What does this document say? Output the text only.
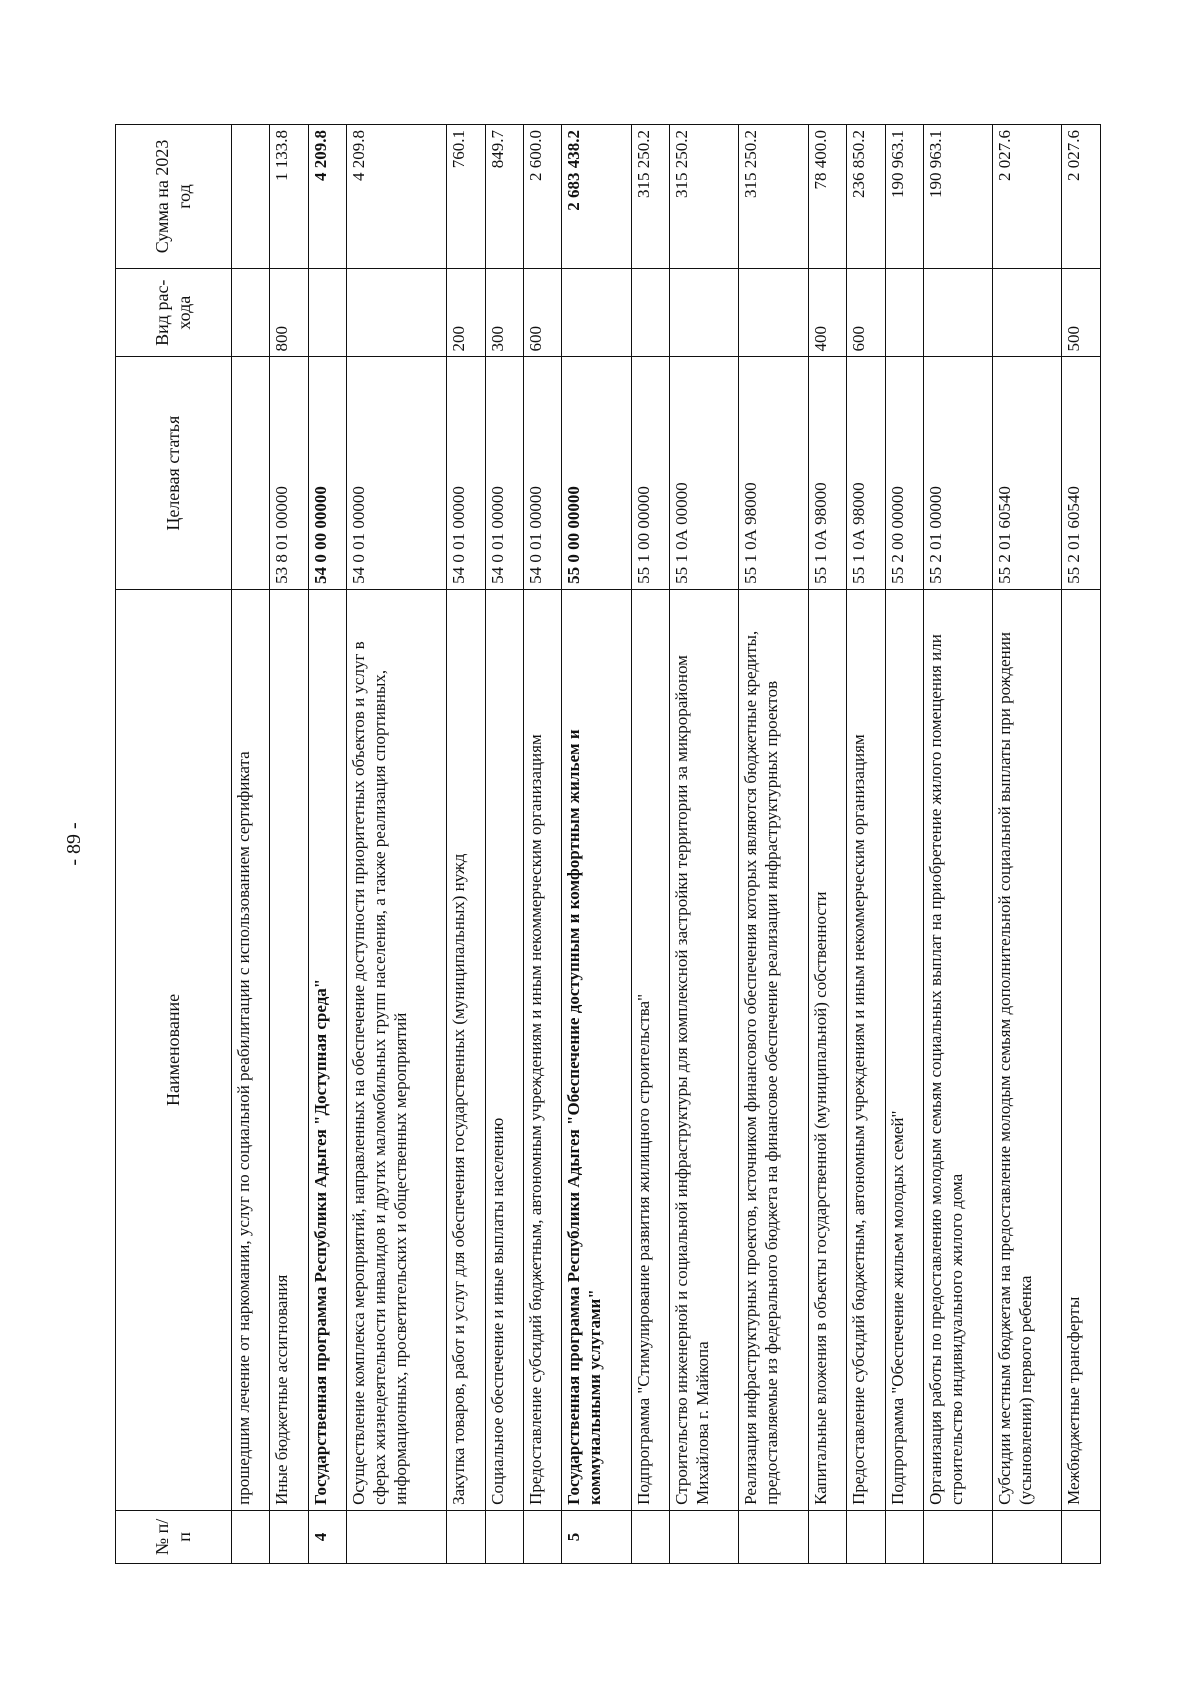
- 89 -
№ п/п	Наименование	Целевая статья	Вид рас-хода	Сумма на 2023 год
	прошедшим лечение от наркомании, услуг по социальной реабилитации с использованием сертификата			
	Иные бюджетные ассигнования	53 8 01 00000	800	1 133.8
4	Государственная программа Республики Адыгея "Доступная среда"	54 0 00 00000		4 209.8
	Осуществление комплекса мероприятий, направленных на обеспечение доступности приоритетных объектов и услуг в сферах жизнедеятельности инвалидов и других маломобильных групп населения, а также реализация спортивных, информационных, просветительских и общественных мероприятий	54 0 01 00000		4 209.8
	Закупка товаров, работ и услуг для обеспечения государственных (муниципальных) нужд	54 0 01 00000	200	760.1
	Социальное обеспечение и иные выплаты населению	54 0 01 00000	300	849.7
	Предоставление субсидий бюджетным, автономным учреждениям и иным некоммерческим организациям	54 0 01 00000	600	2 600.0
5	Государственная программа Республики Адыгея "Обеспечение доступным и комфортным жильем и коммунальными услугами"	55 0 00 00000		2 683 438.2
	Подпрограмма "Стимулирование развития жилищного строительства"	55 1 00 00000		315 250.2
	Строительство инженерной и социальной инфраструктуры для комплексной застройки территории за микрорайоном Михайлова г. Майкопа	55 1 0А 00000		315 250.2
	Реализация инфраструктурных проектов, источником финансового обеспечения которых являются бюджетные кредиты, предоставляемые из федерального бюджета на финансовое обеспечение реализации инфраструктурных проектов	55 1 0А 98000		315 250.2
	Капитальные вложения в объекты государственной (муниципальной) собственности	55 1 0А 98000	400	78 400.0
	Предоставление субсидий бюджетным, автономным учреждениям и иным некоммерческим организациям	55 1 0А 98000	600	236 850.2
	Подпрограмма "Обеспечение жильем молодых семей"	55 2 00 00000		190 963.1
	Организация работы по предоставлению молодым семьям социальных выплат на приобретение жилого помещения или строительство индивидуального жилого дома	55 2 01 00000		190 963.1
	Субсидии местным бюджетам на предоставление молодым семьям дополнительной социальной выплаты при рождении (усыновлении) первого ребенка	55 2 01 60540		2 027.6
	Межбюджетные трансферты	55 2 01 60540	500	2 027.6
